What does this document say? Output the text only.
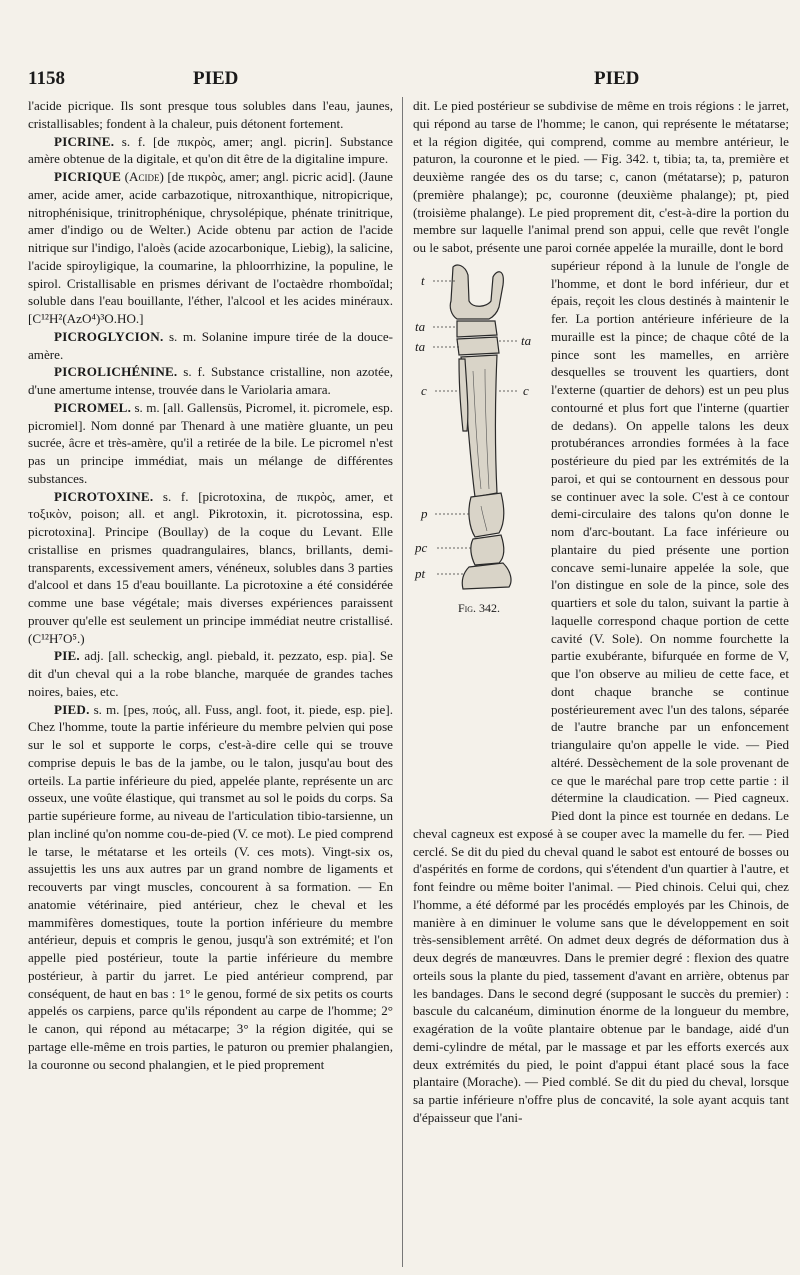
1158	PIED	PIED

l'acide picrique. Ils sont presque tous solubles dans l'eau, jaunes, cristallisables; fondent à la chaleur, puis détonent fortement.

PICRINE. s. f. [de πικρὸς, amer; angl. picrin]. Substance amère obtenue de la digitale, et qu'on dit être de la digitaline impure.

PICRIQUE (Acide) [de πικρὸς, amer; angl. picric acid]. (Jaune amer, acide amer, acide carbazotique, nitroxanthique, nitropicrique, nitrophénisique, trinitrophénique, chrysolépique, phénate trinitrique, amer d'indigo ou de Welter.) Acide obtenu par action de l'acide nitrique sur l'indigo, l'aloès (acide azocarbonique, Liebig), la salicine, l'acide spiroyligique, la coumarine, la phloorrhizine, la populine, le spirol. Cristallisable en prismes dérivant de l'octaèdre rhomboïdal; soluble dans l'eau bouillante, l'éther, l'alcool et les acides minéraux. [C¹²H²(AzO⁴)³O.HO.]

PICROGLYCION. s. m. Solanine impure tirée de la douce-amère.

PICROLICHÉNINE. s. f. Substance cristalline, non azotée, d'une amertume intense, trouvée dans le Variolaria amara.

PICROMEL. s. m. [all. Gallensüs, Picromel, it. picromele, esp. picromiel]. Nom donné par Thenard à une matière gluante, un peu sucrée, âcre et très-amère, qu'il a retirée de la bile. Le picromel n'est pas un principe immédiat, mais un mélange de différentes substances.

PICROTOXINE. s. f. [picrotoxina, de πικρὸς, amer, et τοξικὸν, poison; all. et angl. Pikrotoxin, it. picrotossina, esp. picrotoxina]. Principe (Boullay) de la coque du Levant. Elle cristallise en prismes quadrangulaires, blancs, brillants, demi-transparents, excessivement amers, vénéneux, solubles dans 3 parties d'alcool et dans 15 d'eau bouillante. La picrotoxine a été considérée comme une base végétale; mais diverses expériences paraissent prouver qu'elle est seulement un principe immédiat neutre cristallisé. (C¹²H⁷O⁵.)

PIE. adj. [all. scheckig, angl. piebald, it. pezzato, esp. pia]. Se dit d'un cheval qui a la robe blanche, marquée de grandes taches noires, baies, etc.

PIED. s. m. [pes, πούς, all. Fuss, angl. foot, it. piede, esp. pie]. Chez l'homme, toute la partie inférieure du membre pelvien qui pose sur le sol et supporte le corps, c'est-à-dire celle qui se trouve comprise depuis le bas de la jambe, ou le talon, jusqu'au bout des orteils. La partie inférieure du pied, appelée plante, représente un arc osseux, une voûte élastique, qui transmet au sol le poids du corps. Sa partie supérieure forme, au niveau de l'articulation tibio-tarsienne, un plan incliné qu'on nomme cou-de-pied (V. ce mot). Le pied comprend le tarse, le métatarse et les orteils (V. ces mots). Vingt-six os, assujettis les uns aux autres par un grand nombre de ligaments et recouverts par vingt muscles, concourent à sa formation. — En anatomie vétérinaire, pied antérieur, chez le cheval et les mammifères domestiques, toute la portion inférieure du membre antérieur, depuis et compris le genou, jusqu'à son extrémité; et l'on appelle pied postérieur, toute la partie inférieure du membre postérieur, à partir du jarret. Le pied antérieur comprend, par conséquent, de haut en bas : 1° le genou, formé de six petits os courts appelés os carpiens, parce qu'ils répondent au carpe de l'homme; 2° le canon, qui répond au métacarpe; 3° la région digitée, qui se partage elle-même en trois parties, le paturon ou premier phalangien, la couronne ou second phalangien, et le pied proprement

dit. Le pied postérieur se subdivise de même en trois régions : le jarret, qui répond au tarse de l'homme; le canon, qui représente le métatarse; et la région digitée, qui comprend, comme au membre antérieur, le paturon, la couronne et le pied. — Fig. 342. t, tibia; ta, ta, première et deuxième rangée des os du tarse; c, canon (métatarse); p, paturon (première phalange); pc, couronne (deuxième phalange); pt, pied (troisième phalange). Le pied proprement dit, c'est-à-dire la portion du membre sur laquelle l'animal prend son appui, celle que revêt l'ongle ou le sabot, présente une paroi cornée appelée la muraille, dont le bord

t
ta
ta	ta
c	c
p
pc
pt
Fig. 342.

supérieur répond à la lunule de l'ongle de l'homme, et dont le bord inférieur, dur et épais, reçoit les clous destinés à maintenir le fer. La portion antérieure inférieure de la muraille est la pince; de chaque côté de la pince sont les mamelles, en arrière desquelles se trouvent les quartiers, dont l'externe (quartier de dehors) est un peu plus contourné et plus fort que l'interne (quartier de dedans). On appelle talons les deux protubérances arrondies formées à la face postérieure du pied par les extrémités de la paroi, et qui se contournent en dessous pour se continuer avec la sole. C'est à ce contour demi-circulaire des talons qu'on donne le nom d'arc-boutant. La face inférieure ou plantaire du pied présente une portion concave semi-lunaire appelée la sole, que l'on distingue en sole de la pince, sole des quartiers et sole du talon, suivant la partie à laquelle correspond chaque portion de cette cavité (V. Sole). On nomme fourchette la partie exubérante, bifurquée en forme de V, que l'on observe au milieu de cette face, et dont chaque branche se continue postérieurement avec l'un des talons, séparée de l'autre branche par un enfoncement triangulaire qu'on appelle le vide. — Pied altéré. Dessèchement de la sole provenant de ce que le maréchal pare trop cette partie : il détermine la claudication. — Pied cagneux. Pied dont la pince est tournée en dedans. Le cheval cagneux est exposé à se couper avec la mamelle du fer. — Pied cerclé. Se dit du pied du cheval quand le sabot est entouré de bosses ou d'aspérités en forme de cordons, qui s'étendent d'un quartier à l'autre, et font feindre ou même boiter l'animal. — Pied chinois. Celui qui, chez l'homme, a été déformé par les procédés employés par les Chinois, de manière à en diminuer le volume sans que le développement en soit très-sensiblement arrêté. On admet deux degrés de déformation dus à deux degrés de manœuvres. Dans le premier degré : flexion des quatre orteils sous la plante du pied, tassement d'avant en arrière, obtenus par les bandages. Dans le second degré (supposant le succès du premier) : bascule du calcanéum, diminution énorme de la longueur du membre, exagération de la voûte plantaire obtenue par le bandage, aidé d'un demi-cylindre de métal, par le massage et par les efforts exercés aux deux extrémités du pied, le point d'appui étant placé sous la face plantaire (Morache). — Pied comblé. Se dit du pied du cheval, lorsque sa partie inférieure n'offre plus de concavité, la sole ayant acquis tant d'épaisseur que l'ani-
